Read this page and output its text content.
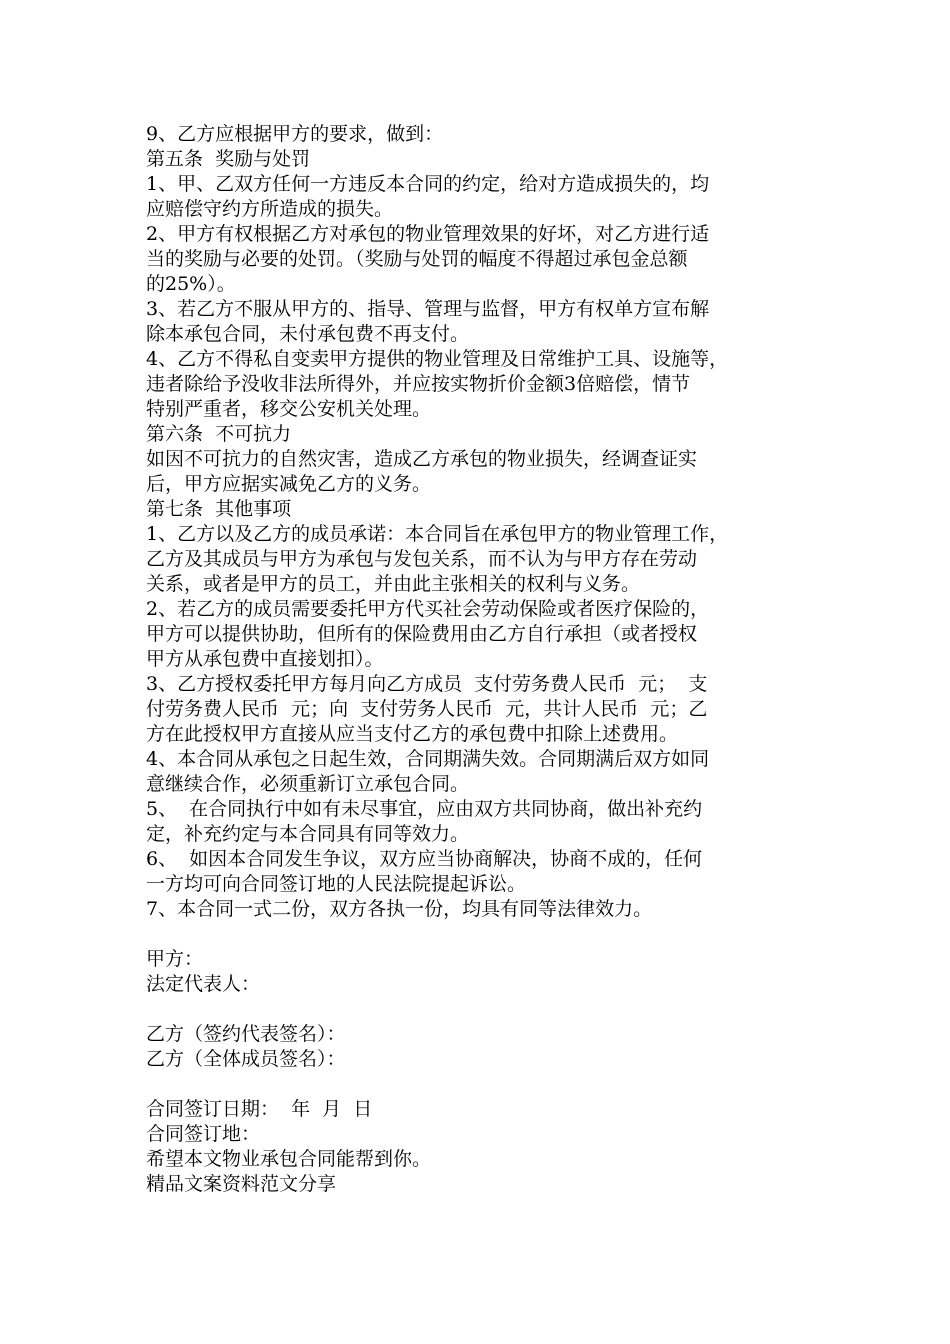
9、乙方应根据甲方的要求，做到：
第五条  奖励与处罚
1、甲、乙双方任何一方违反本合同的约定，给对方造成损失的，均
应赔偿守约方所造成的损失。
2、甲方有权根据乙方对承包的物业管理效果的好坏，对乙方进行适
当的奖励与必要的处罚。（奖励与处罚的幅度不得超过承包金总额
的25%）。
3、若乙方不服从甲方的、指导、管理与监督，甲方有权单方宣布解
除本承包合同，未付承包费不再支付。
4、乙方不得私自变卖甲方提供的物业管理及日常维护工具、设施等，
违者除给予没收非法所得外，并应按实物折价金额3倍赔偿，情节
特别严重者，移交公安机关处理。
第六条  不可抗力
如因不可抗力的自然灾害，造成乙方承包的物业损失，经调查证实
后，甲方应据实减免乙方的义务。
第七条  其他事项
1、乙方以及乙方的成员承诺：本合同旨在承包甲方的物业管理工作，
乙方及其成员与甲方为承包与发包关系，而不认为与甲方存在劳动
关系，或者是甲方的员工，并由此主张相关的权利与义务。
2、若乙方的成员需要委托甲方代买社会劳动保险或者医疗保险的，
甲方可以提供协助，但所有的保险费用由乙方自行承担（或者授权
甲方从承包费中直接划扣）。
3、乙方授权委托甲方每月向乙方成员  支付劳务费人民币  元；  支
付劳务费人民币  元；向  支付劳务人民币  元，共计人民币  元；乙
方在此授权甲方直接从应当支付乙方的承包费中扣除上述费用。
4、本合同从承包之日起生效，合同期满失效。合同期满后双方如同
意继续合作，必须重新订立承包合同。
5、  在合同执行中如有未尽事宜，应由双方共同协商，做出补充约
定，补充约定与本合同具有同等效力。
6、  如因本合同发生争议，双方应当协商解决，协商不成的，任何
一方均可向合同签订地的人民法院提起诉讼。
7、本合同一式二份，双方各执一份，均具有同等法律效力。
甲方：
法定代表人：
乙方（签约代表签名）：
乙方（全体成员签名）：
合同签订日期：  年  月  日
合同签订地：
希望本文物业承包合同能帮到你。
精品文案资料范文分享
